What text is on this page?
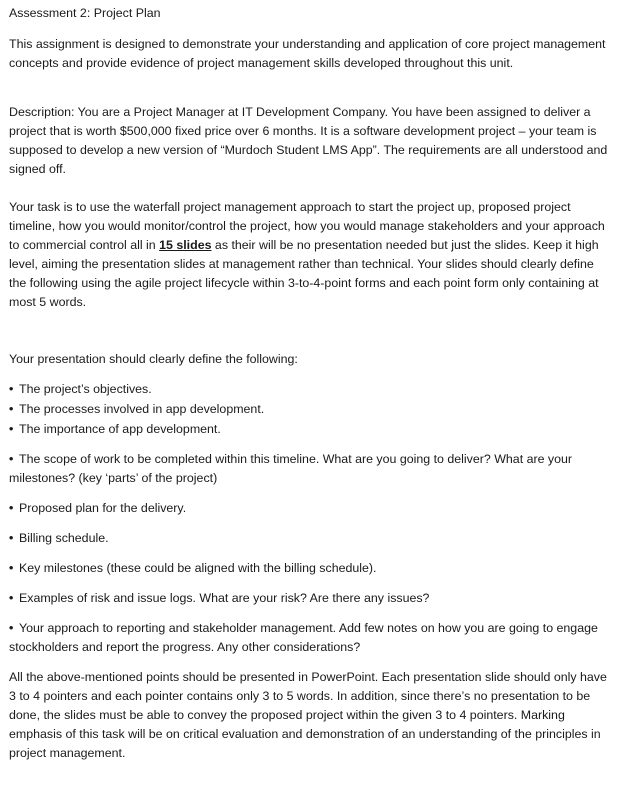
Assessment 2: Project Plan

This assignment is designed to demonstrate your understanding and application of core project management concepts and provide evidence of project management skills developed throughout this unit.

Description: You are a Project Manager at IT Development Company. You have been assigned to deliver a project that is worth $500,000 fixed price over 6 months. It is a software development project – your team is supposed to develop a new version of “Murdoch Student LMS App”. The requirements are all understood and signed off.

Your task is to use the waterfall project management approach to start the project up, proposed project timeline, how you would monitor/control the project, how you would manage stakeholders and your approach to commercial control all in 15 slides as their will be no presentation needed but just the slides. Keep it high level, aiming the presentation slides at management rather than technical. Your slides should clearly define the following using the agile project lifecycle within 3-to-4-point forms and each point form only containing at most 5 words.

Your presentation should clearly define the following:

• The project’s objectives.
• The processes involved in app development.
• The importance of app development.

• The scope of work to be completed within this timeline. What are you going to deliver? What are your milestones? (key ‘parts’ of the project)

• Proposed plan for the delivery.

• Billing schedule.

• Key milestones (these could be aligned with the billing schedule).

• Examples of risk and issue logs. What are your risk? Are there any issues?

• Your approach to reporting and stakeholder management. Add few notes on how you are going to engage stockholders and report the progress. Any other considerations?

All the above-mentioned points should be presented in PowerPoint. Each presentation slide should only have 3 to 4 pointers and each pointer contains only 3 to 5 words. In addition, since there’s no presentation to be done, the slides must be able to convey the proposed project within the given 3 to 4 pointers. Marking emphasis of this task will be on critical evaluation and demonstration of an understanding of the principles in project management.
